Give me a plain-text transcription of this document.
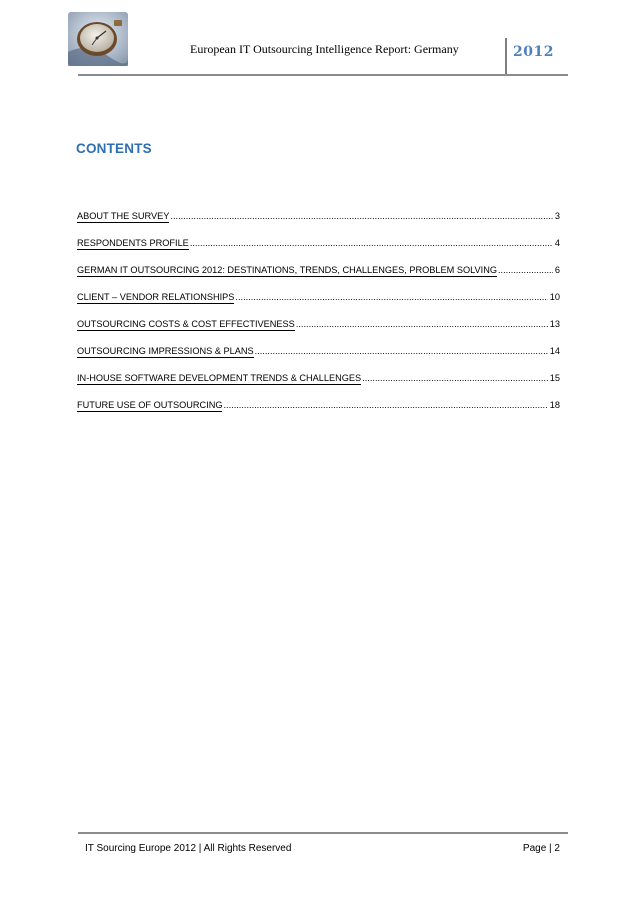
European IT Outsourcing Intelligence Report: Germany	2012
CONTENTS
ABOUT THE SURVEY .....	3
RESPONDENTS PROFILE .....	4
GERMAN IT OUTSOURCING 2012: DESTINATIONS, TRENDS, CHALLENGES, PROBLEM SOLVING .....	6
CLIENT – VENDOR RELATIONSHIPS .....	10
OUTSOURCING COSTS & COST EFFECTIVENESS .....	13
OUTSOURCING IMPRESSIONS & PLANS .....	14
IN-HOUSE SOFTWARE DEVELOPMENT TRENDS & CHALLENGES .....	15
FUTURE USE OF OUTSOURCING .....	18
IT Sourcing Europe 2012 | All Rights Reserved	Page | 2
